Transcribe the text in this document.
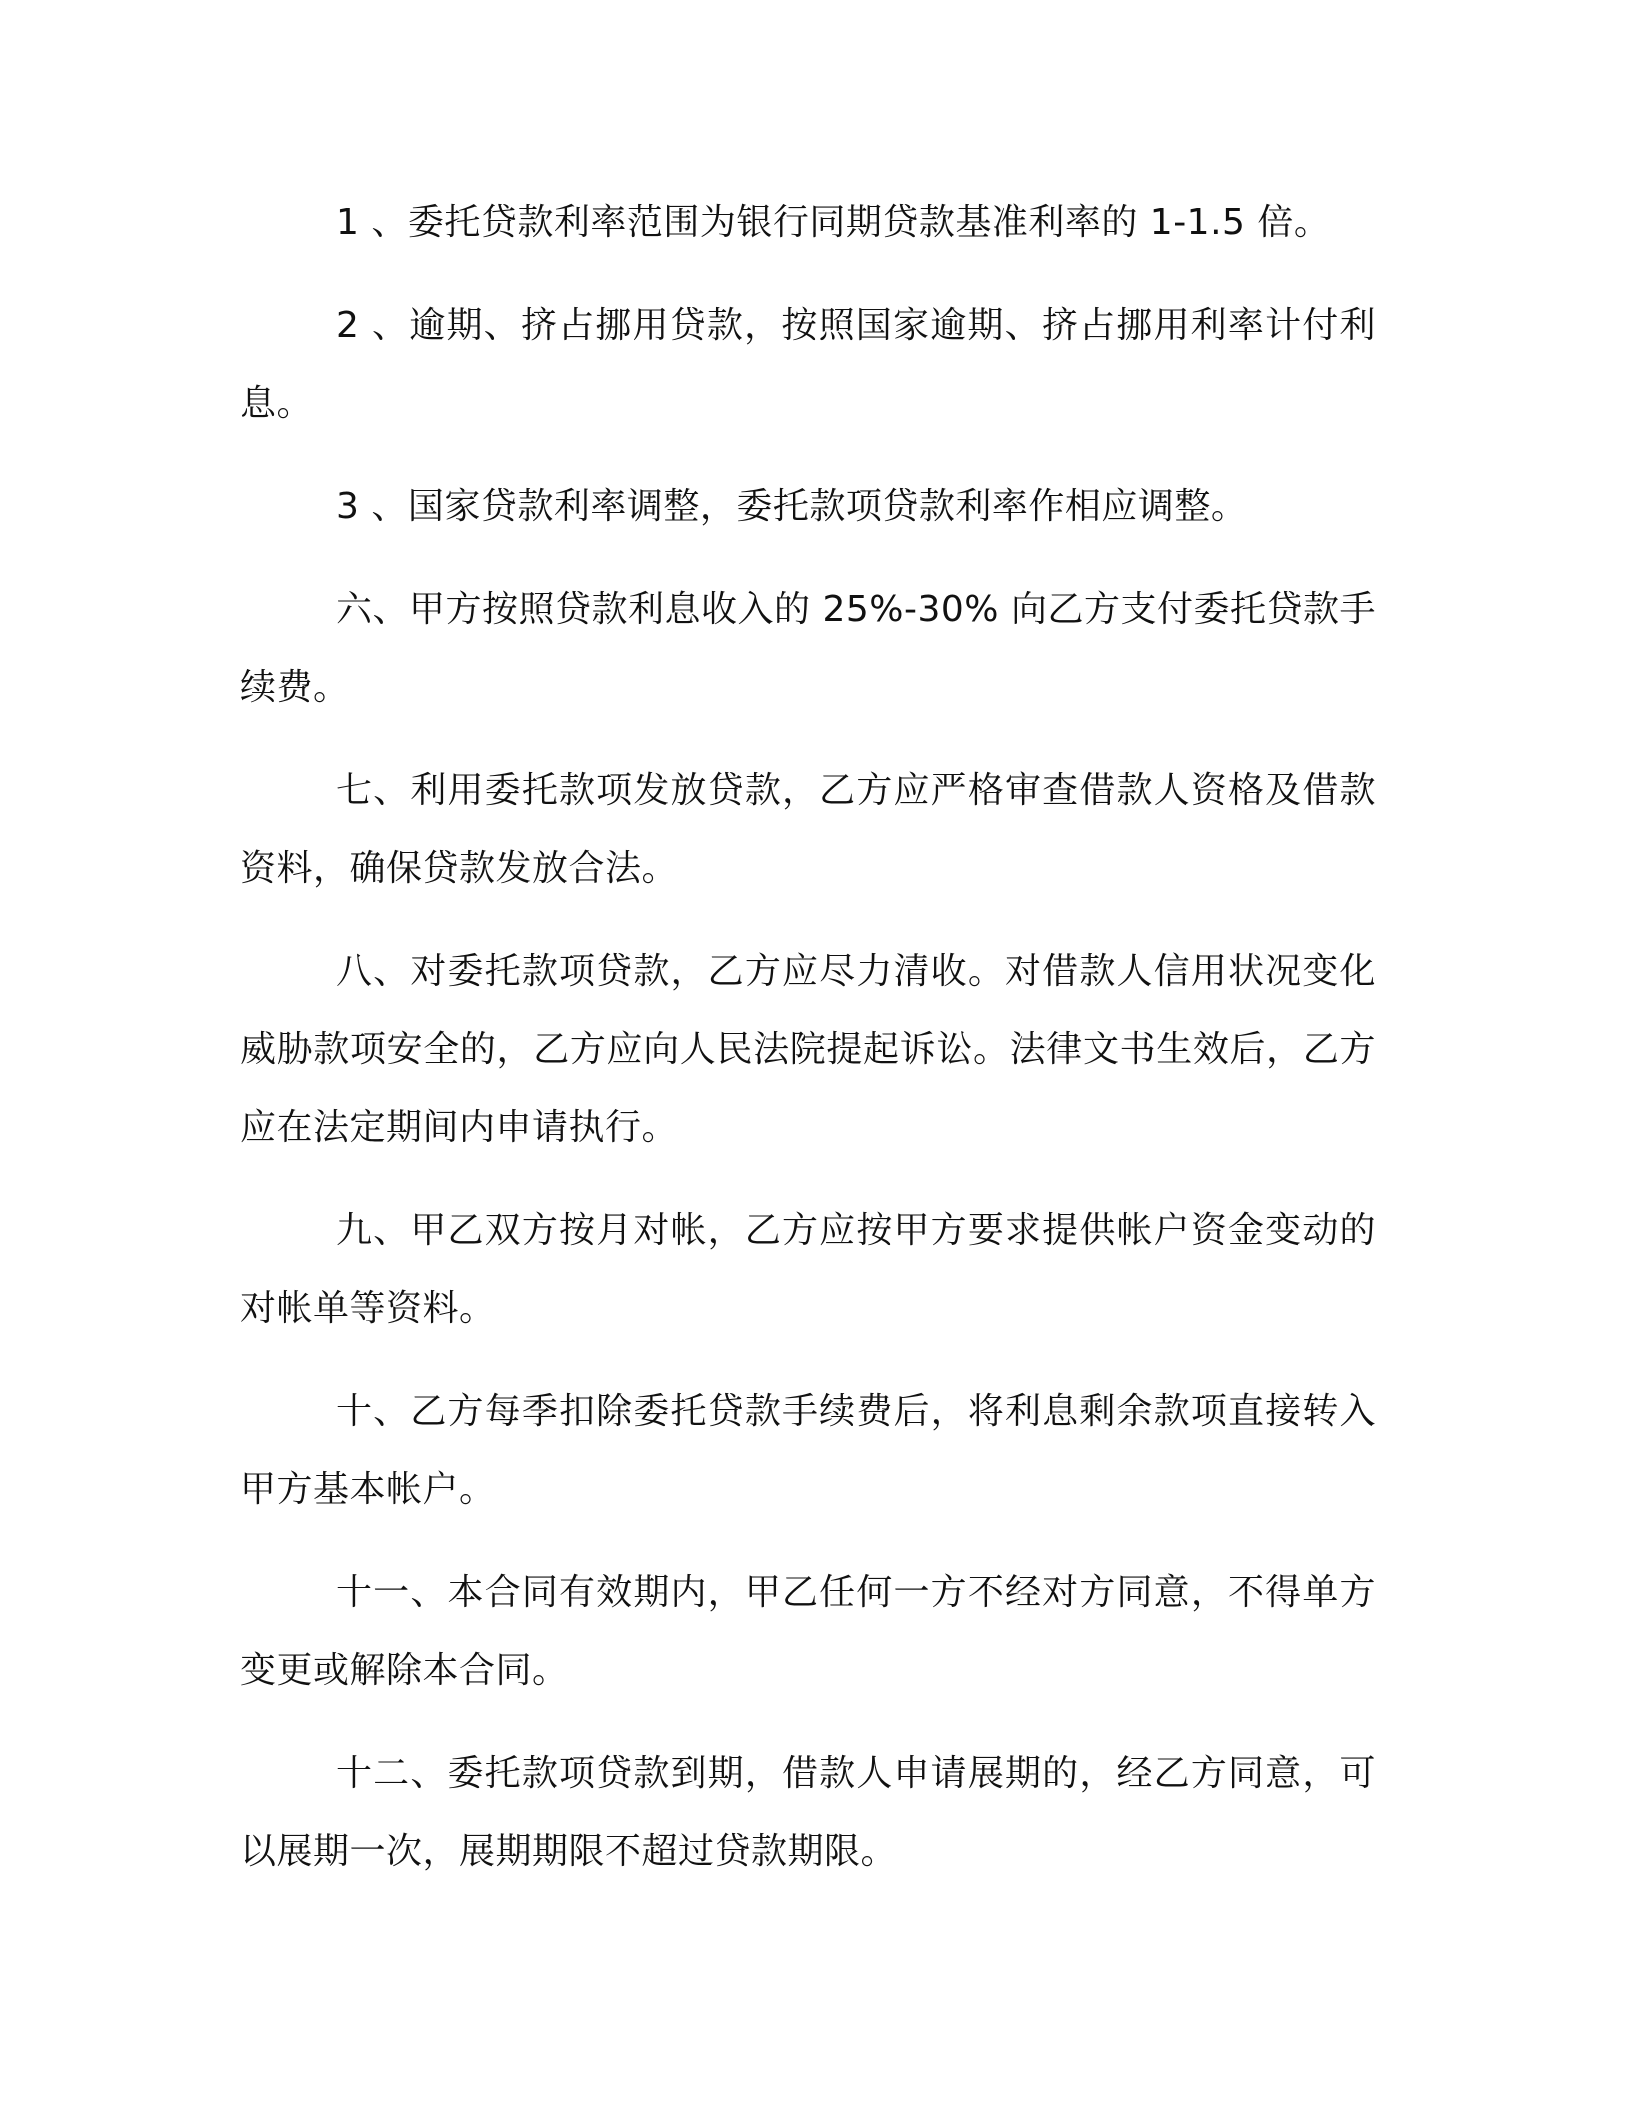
1 、委托贷款利率范围为银行同期贷款基准利率的 1-1.5 倍。

2 、逾期、挤占挪用贷款，按照国家逾期、挤占挪用利率计付利息。

3 、国家贷款利率调整，委托款项贷款利率作相应调整。

六、甲方按照贷款利息收入的 25%-30% 向乙方支付委托贷款手续费。

七、利用委托款项发放贷款，乙方应严格审查借款人资格及借款资料，确保贷款发放合法。

八、对委托款项贷款，乙方应尽力清收。对借款人信用状况变化威胁款项安全的，乙方应向人民法院提起诉讼。法律文书生效后，乙方应在法定期间内申请执行。

九、甲乙双方按月对帐，乙方应按甲方要求提供帐户资金变动的对帐单等资料。

十、乙方每季扣除委托贷款手续费后，将利息剩余款项直接转入甲方基本帐户。

十一、本合同有效期内，甲乙任何一方不经对方同意，不得单方变更或解除本合同。

十二、委托款项贷款到期，借款人申请展期的，经乙方同意，可以展期一次，展期期限不超过贷款期限。
